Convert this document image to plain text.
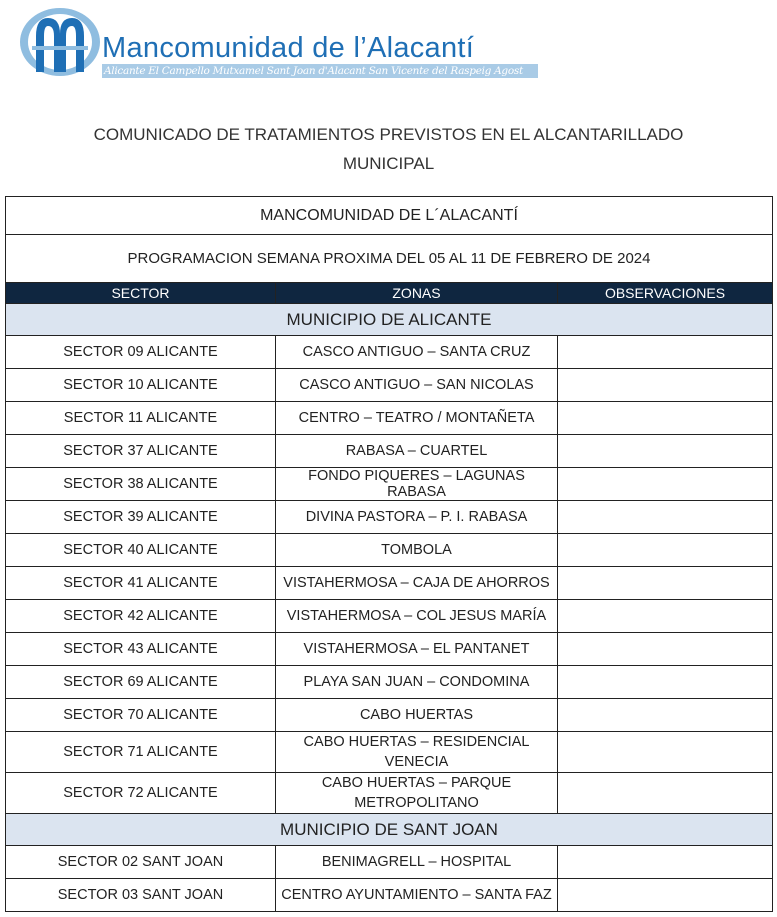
Mancomunidad de l’Alacantí
Alicante El Campello Mutxamel Sant Joan d'Alacant San Vicente del Raspeig Agost
COMUNICADO DE TRATAMIENTOS PREVISTOS EN EL ALCANTARILLADO
MUNICIPAL
MANCOMUNIDAD DE L´ALACANTÍ		
PROGRAMACION SEMANA PROXIMA DEL 05 AL 11 DE FEBRERO DE 2024		
SECTOR	ZONAS	OBSERVACIONES
MUNICIPIO DE ALICANTE		
SECTOR 09 ALICANTE	CASCO ANTIGUO – SANTA CRUZ	
SECTOR 10 ALICANTE	CASCO ANTIGUO – SAN NICOLAS	
SECTOR 11 ALICANTE	CENTRO – TEATRO / MONTAÑETA	
SECTOR 37 ALICANTE	RABASA – CUARTEL	
SECTOR 38 ALICANTE	FONDO PIQUERES – LAGUNAS RABASA	
SECTOR 39 ALICANTE	DIVINA PASTORA – P. I. RABASA	
SECTOR 40 ALICANTE	TOMBOLA	
SECTOR 41 ALICANTE	VISTAHERMOSA – CAJA DE AHORROS	
SECTOR 42 ALICANTE	VISTAHERMOSA – COL JESUS MARÍA	
SECTOR 43 ALICANTE	VISTAHERMOSA – EL PANTANET	
SECTOR 69 ALICANTE	PLAYA SAN JUAN – CONDOMINA	
SECTOR 70 ALICANTE	CABO HUERTAS	
SECTOR 71 ALICANTE	CABO HUERTAS – RESIDENCIAL VENECIA	
SECTOR 72 ALICANTE	CABO HUERTAS – PARQUE METROPOLITANO	
MUNICIPIO DE SANT JOAN		
SECTOR 02 SANT JOAN	BENIMAGRELL – HOSPITAL	
SECTOR 03 SANT JOAN	CENTRO AYUNTAMIENTO – SANTA FAZ	
